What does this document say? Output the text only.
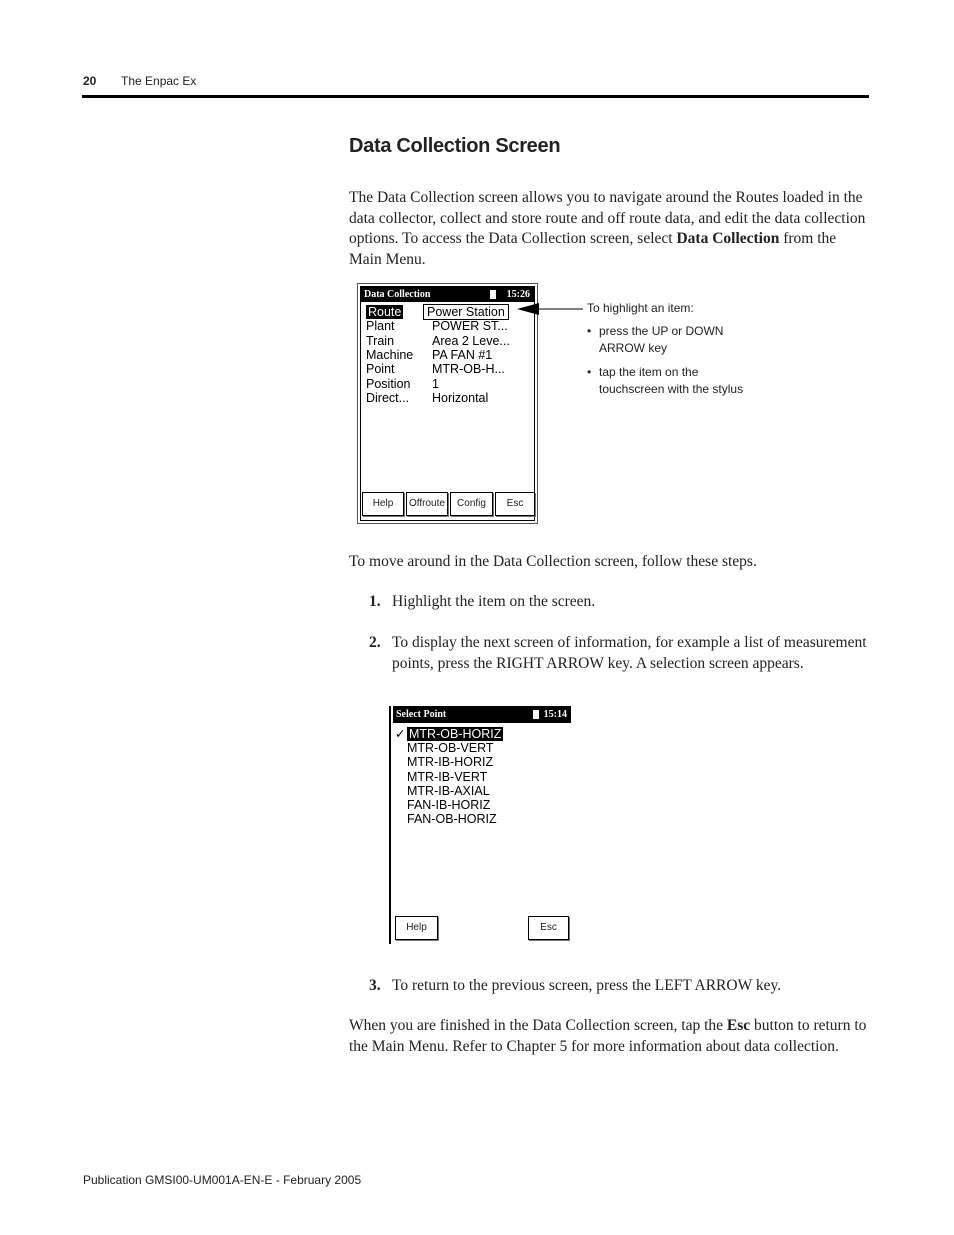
20 The Enpac Ex
Data Collection Screen
The Data Collection screen allows you to navigate around the Routes loaded in the data collector, collect and store route and off route data, and edit the data collection options. To access the Data Collection screen, select Data Collection from the Main Menu.
Data Collection	15:26
Route	Power Station
Plant	POWER ST...
Train	Area 2 Leve...
Machine PA FAN #1
Point	MTR-OB-H...
Position 1
Direct... Horizontal
Help	Offroute	Config	Esc
To highlight an item:
• press the UP or DOWN
ARROW key
• tap the item on the
touchscreen with the stylus
To move around in the Data Collection screen, follow these steps.
1. Highlight the item on the screen.
2. To display the next screen of information, for example a list of measurement points, press the RIGHT ARROW key. A selection screen appears.
Select Point	15:14
✓ MTR-OB-HORIZ
MTR-OB-VERT
MTR-IB-HORIZ
MTR-IB-VERT
MTR-IB-AXIAL
FAN-IB-HORIZ
FAN-OB-HORIZ
Help	Esc
3. To return to the previous screen, press the LEFT ARROW key.
When you are finished in the Data Collection screen, tap the Esc button to return to the Main Menu. Refer to Chapter 5 for more information about data collection.
Publication GMSI00-UM001A-EN-E - February 2005
